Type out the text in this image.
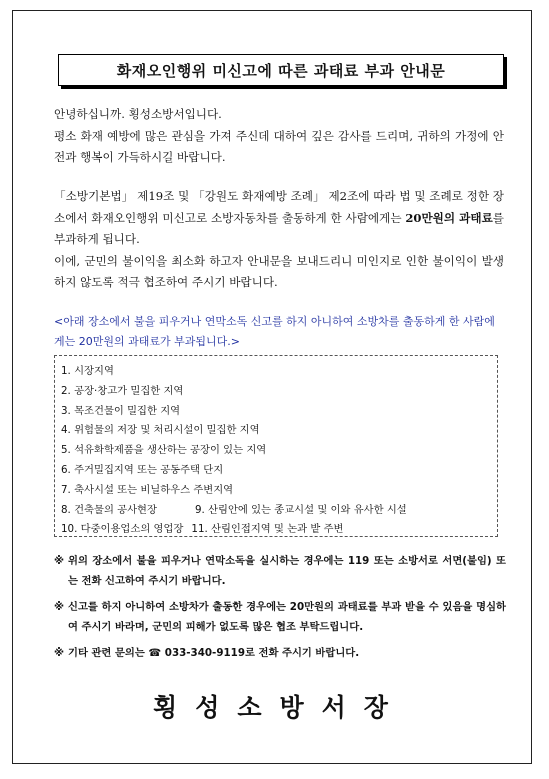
화재오인행위 미신고에 따른 과태료 부과 안내문
안녕하십니까. 횡성소방서입니다.
평소 화재 예방에 많은 관심을 가져 주신데 대하여 깊은 감사를 드리며, 귀하의 가정에 안전과 행복이 가득하시길 바랍니다.
「소방기본법」 제19조 및 「강원도 화재예방 조례」 제2조에 따라 법 및 조례로 정한 장소에서 화재오인행위 미신고로 소방자동차를 출동하게 한 사람에게는 20만원의 과태료를 부과하게 됩니다.
이에, 군민의 불이익을 최소화 하고자 안내문을 보내드리니 미인지로 인한 불이익이 발생하지 않도록 적극 협조하여 주시기 바랍니다.
<아래 장소에서 불을 피우거나 연막소독 신고를 하지 아니하여 소방차를 출동하게 한 사람에게는 20만원의 과태료가 부과됩니다.>
1. 시장지역
2. 공장·창고가 밀집한 지역
3. 목조건물이 밀집한 지역
4. 위험물의 저장 및 처리시설이 밀집한 지역
5. 석유화학제품을 생산하는 공장이 있는 지역
6. 주거밀집지역 또는 공동주택 단지
7. 축사시설 또는 비닐하우스 주변지역
8. 건축물의 공사현장	9. 산림안에 있는 종교시설 및 이와 유사한 시설
10. 다중이용업소의 영업장 11. 산림인접지역 및 논과 밭 주변
※ 위의 장소에서 불을 피우거나 연막소독을 실시하는 경우에는 119 또는 소방서로 서면(불임) 또는 전화 신고하여 주시기 바랍니다.
※ 신고를 하지 아니하여 소방차가 출동한 경우에는 20만원의 과태료를 부과 받을 수 있음을 명심하여 주시기 바라며, 군민의 피해가 없도록 많은 협조 부탁드립니다.
※ 기타 관련 문의는 ☎ 033-340-9119로 전화 주시기 바랍니다.
횡성소방서장
